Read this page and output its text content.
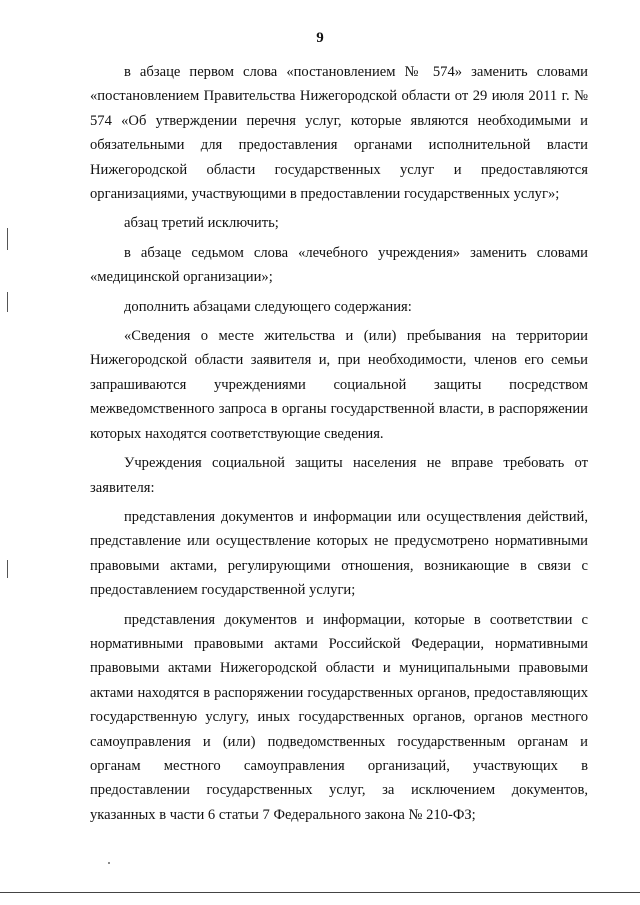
9

в абзаце первом слова «постановлением № 574» заменить словами «постановлением Правительства Нижегородской области от 29 июля 2011 г. № 574 «Об утверждении перечня услуг, которые являются необходимыми и обязательными для предоставления органами исполнительной власти Нижегородской области государственных услуг и предоставляются организациями, участвующими в предоставлении государственных услуг»;

абзац третий исключить;

в абзаце седьмом слова «лечебного учреждения» заменить словами «медицинской организации»;

дополнить абзацами следующего содержания:

«Сведения о месте жительства и (или) пребывания на территории Нижегородской области заявителя и, при необходимости, членов его семьи запрашиваются учреждениями социальной защиты посредством межведомственного запроса в органы государственной власти, в распоряжении которых находятся соответствующие сведения.

Учреждения социальной защиты населения не вправе требовать от заявителя:

представления документов и информации или осуществления действий, представление или осуществление которых не предусмотрено нормативными правовыми актами, регулирующими отношения, возникающие в связи с предоставлением государственной услуги;

представления документов и информации, которые в соответствии с нормативными правовыми актами Российской Федерации, нормативными правовыми актами Нижегородской области и муниципальными правовыми актами находятся в распоряжении государственных органов, предоставляющих государственную услугу, иных государственных органов, органов местного самоуправления и (или) подведомственных государственным органам и органам местного самоуправления организаций, участвующих в предоставлении государственных услуг, за исключением документов, указанных в части 6 статьи 7 Федерального закона № 210-ФЗ;
